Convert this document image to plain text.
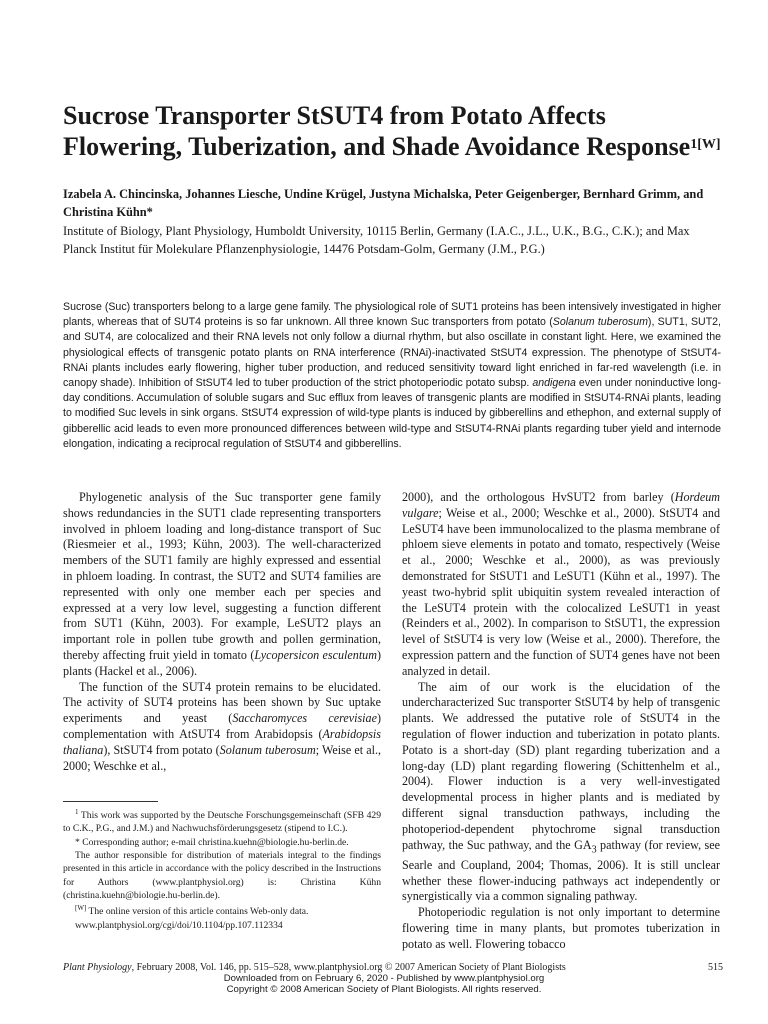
Sucrose Transporter StSUT4 from Potato Affects Flowering, Tuberization, and Shade Avoidance Response$^{1[W]}$
Izabela A. Chincinska, Johannes Liesche, Undine Krügel, Justyna Michalska, Peter Geigenberger, Bernhard Grimm, and Christina Kühn*
Institute of Biology, Plant Physiology, Humboldt University, 10115 Berlin, Germany (I.A.C., J.L., U.K., B.G., C.K.); and Max Planck Institut für Molekulare Pflanzenphysiologie, 14476 Potsdam-Golm, Germany (J.M., P.G.)
Sucrose (Suc) transporters belong to a large gene family. The physiological role of SUT1 proteins has been intensively investigated in higher plants, whereas that of SUT4 proteins is so far unknown. All three known Suc transporters from potato (Solanum tuberosum), SUT1, SUT2, and SUT4, are colocalized and their RNA levels not only follow a diurnal rhythm, but also oscillate in constant light. Here, we examined the physiological effects of transgenic potato plants on RNA interference (RNAi)-inactivated StSUT4 expression. The phenotype of StSUT4-RNAi plants includes early flowering, higher tuber production, and reduced sensitivity toward light enriched in far-red wavelength (i.e. in canopy shade). Inhibition of StSUT4 led to tuber production of the strict photoperiodic potato subsp. andigena even under noninductive long-day conditions. Accumulation of soluble sugars and Suc efflux from leaves of transgenic plants are modified in StSUT4-RNAi plants, leading to modified Suc levels in sink organs. StSUT4 expression of wild-type plants is induced by gibberellins and ethephon, and external supply of gibberellic acid leads to even more pronounced differences between wild-type and StSUT4-RNAi plants regarding tuber yield and internode elongation, indicating a reciprocal regulation of StSUT4 and gibberellins.

Phylogenetic analysis of the Suc transporter gene family shows redundancies in the SUT1 clade representing transporters involved in phloem loading and long-distance transport of Suc (Riesmeier et al., 1993; Kühn, 2003). The well-characterized members of the SUT1 family are highly expressed and essential in phloem loading. In contrast, the SUT2 and SUT4 families are represented with only one member each per species and expressed at a very low level, suggesting a function different from SUT1 (Kühn, 2003). For example, LeSUT2 plays an important role in pollen tube growth and pollen germination, thereby affecting fruit yield in tomato (Lycopersicon esculentum) plants (Hackel et al., 2006).

The function of the SUT4 protein remains to be elucidated. The activity of SUT4 proteins has been shown by Suc uptake experiments and yeast (Saccharomyces cerevisiae) complementation with AtSUT4 from Arabidopsis (Arabidopsis thaliana), StSUT4 from potato (Solanum tuberosum; Weise et al., 2000; Weschke et al.,

2000), and the orthologous HvSUT2 from barley (Hordeum vulgare; Weise et al., 2000; Weschke et al., 2000). StSUT4 and LeSUT4 have been immunolocalized to the plasma membrane of phloem sieve elements in potato and tomato, respectively (Weise et al., 2000; Weschke et al., 2000), as was previously demonstrated for StSUT1 and LeSUT1 (Kühn et al., 1997). The yeast two-hybrid split ubiquitin system revealed interaction of the LeSUT4 protein with the colocalized LeSUT1 in yeast (Reinders et al., 2002). In comparison to StSUT1, the expression level of StSUT4 is very low (Weise et al., 2000). Therefore, the expression pattern and the function of SUT4 genes have not been analyzed in detail.

The aim of our work is the elucidation of the undercharacterized Suc transporter StSUT4 by help of transgenic plants. We addressed the putative role of StSUT4 in the regulation of flower induction and tuberization in potato plants. Potato is a short-day (SD) plant regarding tuberization and a long-day (LD) plant regarding flowering (Schittenhelm et al., 2004). Flower induction is a very well-investigated developmental process in higher plants and is mediated by different signal transduction pathways, including the photoperiod-dependent phytochrome signal transduction pathway, the Suc pathway, and the $GA_3$ pathway (for review, see Searle and Coupland, 2004; Thomas, 2006). It is still unclear whether these flower-inducing pathways act independently or synergistically via a common signaling pathway.

Photoperiodic regulation is not only important to determine flowering time in many plants, but promotes tuberization in potato as well. Flowering tobacco

$^1$ This work was supported by the Deutsche Forschungsgemeinschaft (SFB 429 to C.K., P.G., and J.M.) and Nachwuchsförderungsgesetz (stipend to I.C.).

* Corresponding author; e-mail christina.kuehn@biologie.hu-berlin.de.

The author responsible for distribution of materials integral to the findings presented in this article in accordance with the policy described in the Instructions for Authors (www.plantphysiol.org) is: Christina Kühn (christina.kuehn@biologie.hu-berlin.de).

[W] The online version of this article contains Web-only data.

www.plantphysiol.org/cgi/doi/10.1104/pp.107.112334

Plant Physiology, February 2008, Vol. 146, pp. 515–528, www.plantphysiol.org © 2007 American Society of Plant Biologists	515
Downloaded from on February 6, 2020 - Published by www.plantphysiol.org
Copyright © 2008 American Society of Plant Biologists. All rights reserved.
